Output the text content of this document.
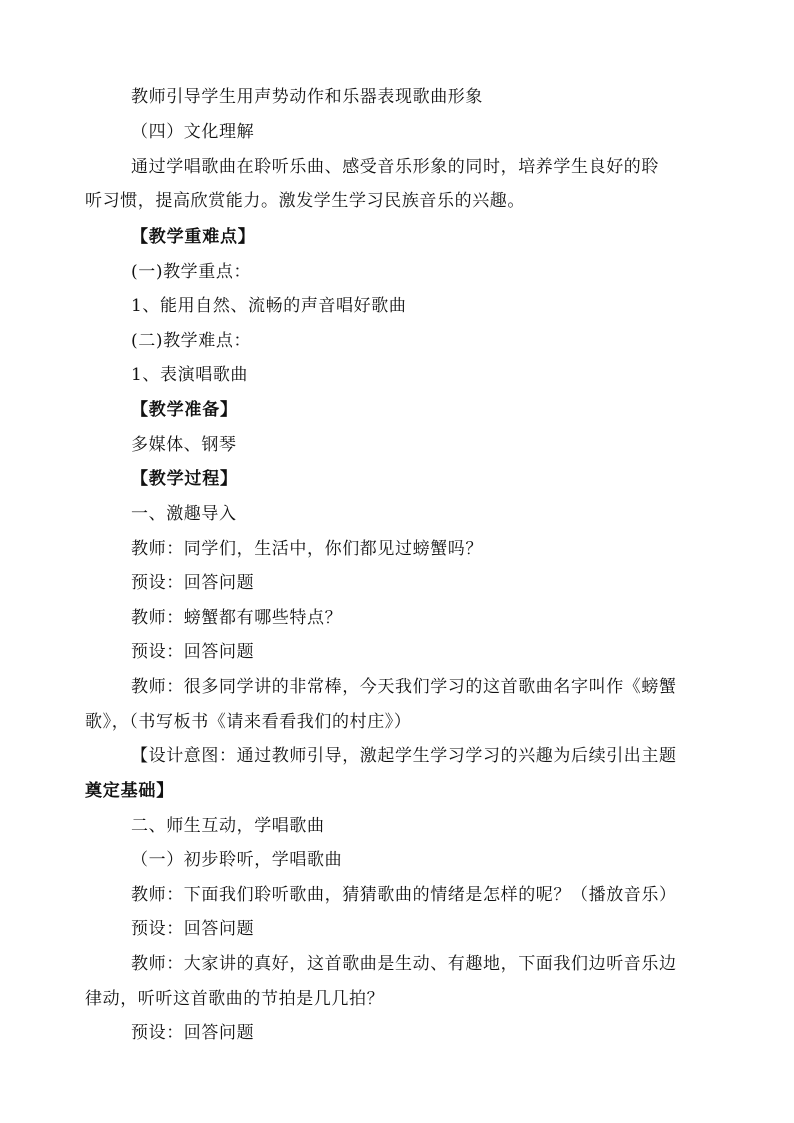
教师引导学生用声势动作和乐器表现歌曲形象
（四）文化理解
通过学唱歌曲在聆听乐曲、感受音乐形象的同时，培养学生良好的聆
听习惯，提高欣赏能力。激发学生学习民族音乐的兴趣。
【教学重难点】
(一)教学重点：
1、能用自然、流畅的声音唱好歌曲
(二)教学难点：
1、表演唱歌曲
【教学准备】
多媒体、钢琴
【教学过程】
一、激趣导入
教师：同学们，生活中，你们都见过螃蟹吗？
预设：回答问题
教师：螃蟹都有哪些特点？
预设：回答问题
教师：很多同学讲的非常棒，今天我们学习的这首歌曲名字叫作《螃蟹
歌》，（书写板书《请来看看我们的村庄》）
【设计意图：通过教师引导，激起学生学习学习的兴趣为后续引出主题
奠定基础】
二、师生互动，学唱歌曲
（一）初步聆听，学唱歌曲
教师：下面我们聆听歌曲，猜猜歌曲的情绪是怎样的呢？（播放音乐）
预设：回答问题
教师：大家讲的真好，这首歌曲是生动、有趣地，下面我们边听音乐边
律动，听听这首歌曲的节拍是几几拍？
预设：回答问题
